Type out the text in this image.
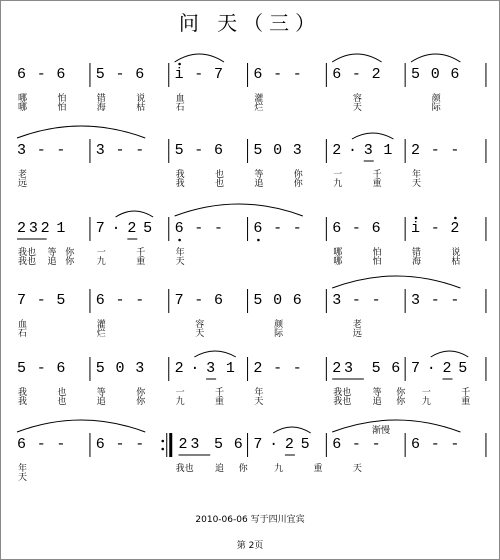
问 天（三）
6 - 6 5 - 6 i - 7 6 - - 6 - 2 5 0 6
哪	怕	错	说	血	灌	容	颜
哪	怕	海	枯	石	烂	天	际
3 - - 3 - - 5 - 6 5 0 3 2 · 3 1 2 - -
老	我	也	等	你	一	千	年
远	我	也	追	你	九	重	天
2 3 2 1 7 · 2 5 6 - - 6 - - 6 - 6 i - 2
我也 等 你	一	千	年	哪	怕	错	说
我也 追 你	九	重	天	哪	怕	海	枯
7 - 5 6 - - 7 - 6 5 0 6 3 - - 3 - -
血	灌	容	颜	老
石	烂	天	际	远
5 - 6 5 0 3 2 · 3 1 2 - - 2 3 5 6 7 · 2 5
我	也	等	你	一	千	年	我也 等 你 一	千
我	也	追	你	九	重	天	我也 追 你 九	重
6 - - 6 - - 2 3 5 6 7 · 2 5 6 - - 6 - -
年	我也 追 你	九	重	天
天
渐慢
2010-06-06 写于四川宜宾
第 2页
